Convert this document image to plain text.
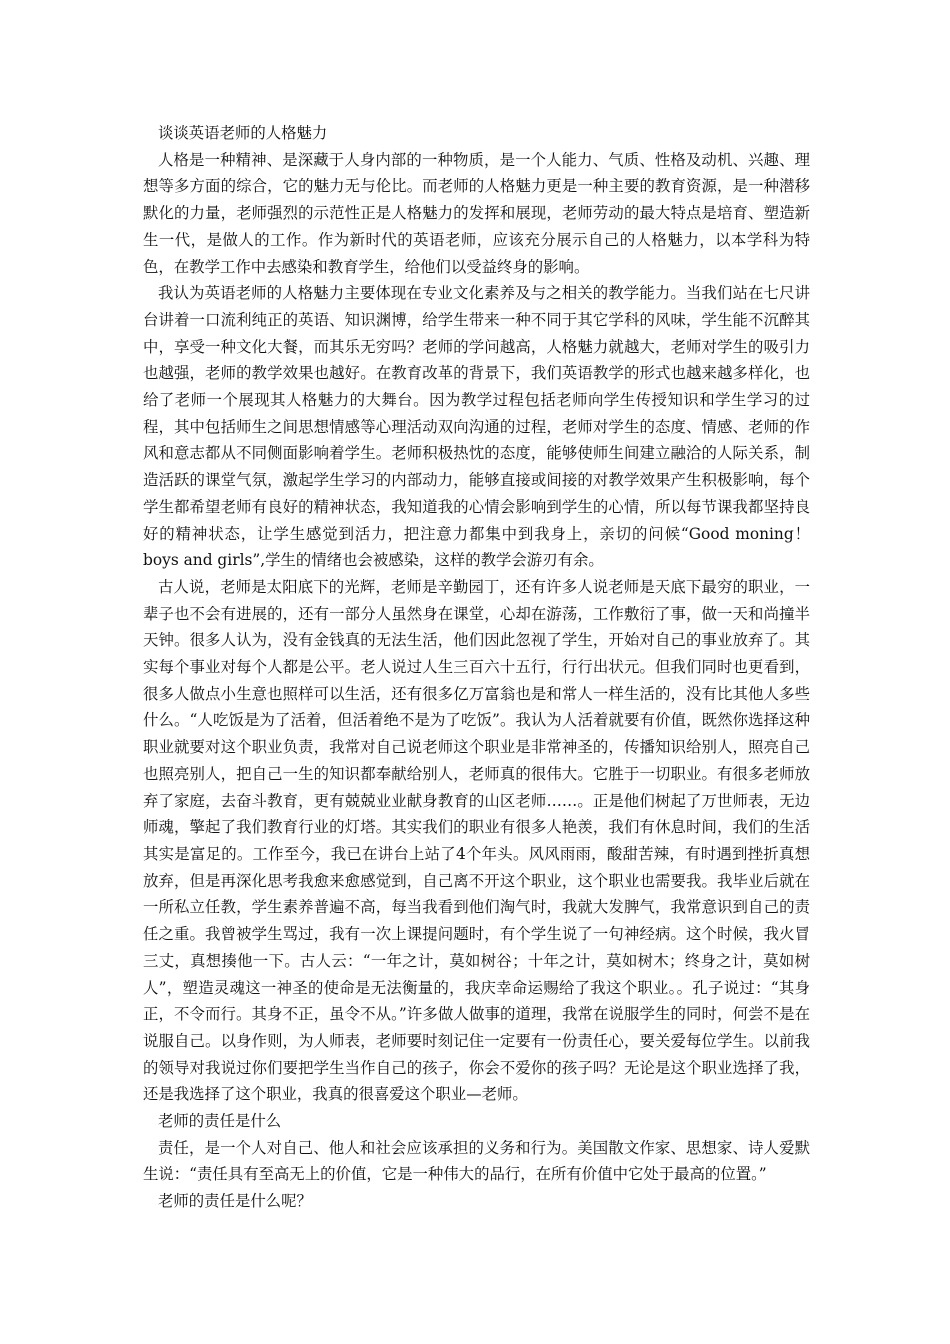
谈谈英语老师的人格魅力

人格是一种精神、是深藏于人身内部的一种物质，是一个人能力、气质、性格及动机、兴趣、理想等多方面的综合，它的魅力无与伦比。而老师的人格魅力更是一种主要的教育资源，是一种潜移默化的力量，老师强烈的示范性正是人格魅力的发挥和展现，老师劳动的最大特点是培育、塑造新生一代，是做人的工作。作为新时代的英语老师，应该充分展示自己的人格魅力，以本学科为特色，在教学工作中去感染和教育学生，给他们以受益终身的影响。

我认为英语老师的人格魅力主要体现在专业文化素养及与之相关的教学能力。当我们站在七尺讲台讲着一口流利纯正的英语、知识渊博，给学生带来一种不同于其它学科的风味，学生能不沉醉其中，享受一种文化大餐，而其乐无穷吗？老师的学问越高，人格魅力就越大，老师对学生的吸引力也越强，老师的教学效果也越好。在教育改革的背景下，我们英语教学的形式也越来越多样化，也给了老师一个展现其人格魅力的大舞台。因为教学过程包括老师向学生传授知识和学生学习的过程，其中包括师生之间思想情感等心理活动双向沟通的过程，老师对学生的态度、情感、老师的作风和意志都从不同侧面影响着学生。老师积极热忱的态度，能够使师生间建立融洽的人际关系，制造活跃的课堂气氛，激起学生学习的内部动力，能够直接或间接的对教学效果产生积极影响，每个学生都希望老师有良好的精神状态，我知道我的心情会影响到学生的心情，所以每节课我都坚持良好的精神状态，让学生感觉到活力，把注意力都集中到我身上，亲切的问候“Good moning！boys and girls”,学生的情绪也会被感染，这样的教学会游刃有余。

古人说，老师是太阳底下的光辉，老师是辛勤园丁，还有许多人说老师是天底下最穷的职业，一辈子也不会有进展的，还有一部分人虽然身在课堂，心却在游荡，工作敷衍了事，做一天和尚撞半天钟。很多人认为，没有金钱真的无法生活，他们因此忽视了学生，开始对自己的事业放弃了。其实每个事业对每个人都是公平。老人说过人生三百六十五行，行行出状元。但我们同时也更看到，很多人做点小生意也照样可以生活，还有很多亿万富翁也是和常人一样生活的，没有比其他人多些什么。“人吃饭是为了活着，但活着绝不是为了吃饭”。我认为人活着就要有价值，既然你选择这种职业就要对这个职业负责，我常对自己说老师这个职业是非常神圣的，传播知识给别人，照亮自己也照亮别人，把自己一生的知识都奉献给别人，老师真的很伟大。它胜于一切职业。有很多老师放弃了家庭，去奋斗教育，更有兢兢业业献身教育的山区老师……。正是他们树起了万世师表，无边师魂，擎起了我们教育行业的灯塔。其实我们的职业有很多人艳羡，我们有休息时间，我们的生活其实是富足的。工作至今，我已在讲台上站了4个年头。风风雨雨，酸甜苦辣，有时遇到挫折真想放弃，但是再深化思考我愈来愈感觉到，自己离不开这个职业，这个职业也需要我。我毕业后就在一所私立任教，学生素养普遍不高，每当我看到他们淘气时，我就大发脾气，我常意识到自己的责任之重。我曾被学生骂过，我有一次上课提问题时，有个学生说了一句神经病。这个时候，我火冒三丈，真想揍他一下。古人云：“一年之计，莫如树谷；十年之计，莫如树木；终身之计，莫如树人”，塑造灵魂这一神圣的使命是无法衡量的，我庆幸命运赐给了我这个职业。。孔子说过：“其身正，不令而行。其身不正，虽令不从。”许多做人做事的道理，我常在说服学生的同时，何尝不是在说服自己。以身作则，为人师表，老师要时刻记住一定要有一份责任心，要关爱每位学生。以前我的领导对我说过你们要把学生当作自己的孩子，你会不爱你的孩子吗？无论是这个职业选择了我，还是我选择了这个职业，我真的很喜爱这个职业—老师。

老师的责任是什么

责任，是一个人对自己、他人和社会应该承担的义务和行为。美国散文作家、思想家、诗人爱默生说：“责任具有至高无上的价值，它是一种伟大的品行，在所有价值中它处于最高的位置。”

老师的责任是什么呢？
